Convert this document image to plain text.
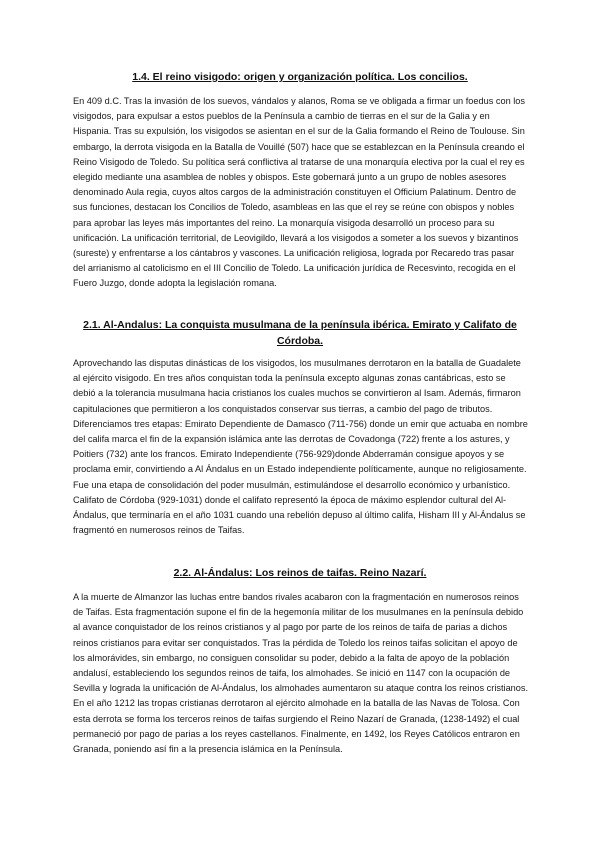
1.4. El reino visigodo: origen y organización política. Los concilios.

En 409 d.C. Tras la invasión de los suevos, vándalos y alanos, Roma se ve obligada a firmar un foedus con los visigodos, para expulsar a estos pueblos de la Península a cambio de tierras en el sur de la Galia y en Hispania. Tras su expulsión, los visigodos se asientan en el sur de la Galia formando el Reino de Toulouse. Sin embargo, la derrota visigoda en la Batalla de Vouillé (507) hace que se establezcan en la Península creando el Reino Visigodo de Toledo. Su política será conflictiva al tratarse de una monarquía electiva por la cual el rey es elegido mediante una asamblea de nobles y obispos. Este gobernará junto a un grupo de nobles asesores denominado Aula regia, cuyos altos cargos de la administración constituyen el Officium Palatinum. Dentro de sus funciones, destacan los Concilios de Toledo, asambleas en las que el rey se reúne con obispos y nobles para aprobar las leyes más importantes del reino. La monarquía visigoda desarrolló un proceso para su unificación. La unificación territorial, de Leovigildo, llevará a los visigodos a someter a los suevos y bizantinos (sureste) y enfrentarse a los cántabros y vascones. La unificación religiosa, lograda por Recaredo tras pasar del arrianismo al catolicismo en el III Concilio de Toledo. La unificación jurídica de Recesvinto, recogida en el Fuero Juzgo, donde adopta la legislación romana.

2.1. Al-Andalus: La conquista musulmana de la península ibérica. Emirato y Califato de Córdoba.

Aprovechando las disputas dinásticas de los visigodos, los musulmanes derrotaron en la batalla de Guadalete al ejército visigodo. En tres años conquistan toda la península excepto algunas zonas cantábricas, esto se debió a la tolerancia musulmana hacia cristianos los cuales muchos se convirtieron al Isam. Además, firmaron capitulaciones que permitieron a los conquistados conservar sus tierras, a cambio del pago de tributos. Diferenciamos tres etapas: Emirato Dependiente de Damasco (711-756) donde un emir que actuaba en nombre del califa marca el fin de la expansión islámica ante las derrotas de Covadonga (722) frente a los astures, y Poitiers (732) ante los francos. Emirato Independiente (756-929)donde Abderramán consigue apoyos y se proclama emir, convirtiendo a Al Ándalus en un Estado independiente políticamente, aunque no religiosamente. Fue una etapa de consolidación del poder musulmán, estimulándose el desarrollo económico y urbanístico. Califato de Córdoba (929-1031) donde el califato representó la época de máximo esplendor cultural del Al-Ándalus, que terminaría en el año 1031 cuando una rebelión depuso al último califa, Hisham III y Al-Ándalus se fragmentó en numerosos reinos de Taifas.

2.2. Al-Ándalus: Los reinos de taifas. Reino Nazarí.

A la muerte de Almanzor las luchas entre bandos rivales acabaron con la fragmentación en numerosos reinos de Taifas. Esta fragmentación supone el fin de la hegemonía militar de los musulmanes en la península debido al avance conquistador de los reinos cristianos y al pago por parte de los reinos de taifa de parias a dichos reinos cristianos para evitar ser conquistados. Tras la pérdida de Toledo los reinos taifas solicitan el apoyo de los almorávides, sin embargo, no consiguen consolidar su poder, debido a la falta de apoyo de la población andalusí, estableciendo los segundos reinos de taifa, los almohades. Se inició en 1147 con la ocupación de Sevilla y lograda la unificación de Al-Ándalus, los almohades aumentaron su ataque contra los reinos cristianos. En el año 1212 las tropas cristianas derrotaron al ejército almohade en la batalla de las Navas de Tolosa. Con esta derrota se forma los terceros reinos de taifas surgiendo el Reino Nazarí de Granada, (1238-1492) el cual permaneció por pago de parias a los reyes castellanos. Finalmente, en 1492, los Reyes Católicos entraron en Granada, poniendo así fin a la presencia islámica en la Península.
